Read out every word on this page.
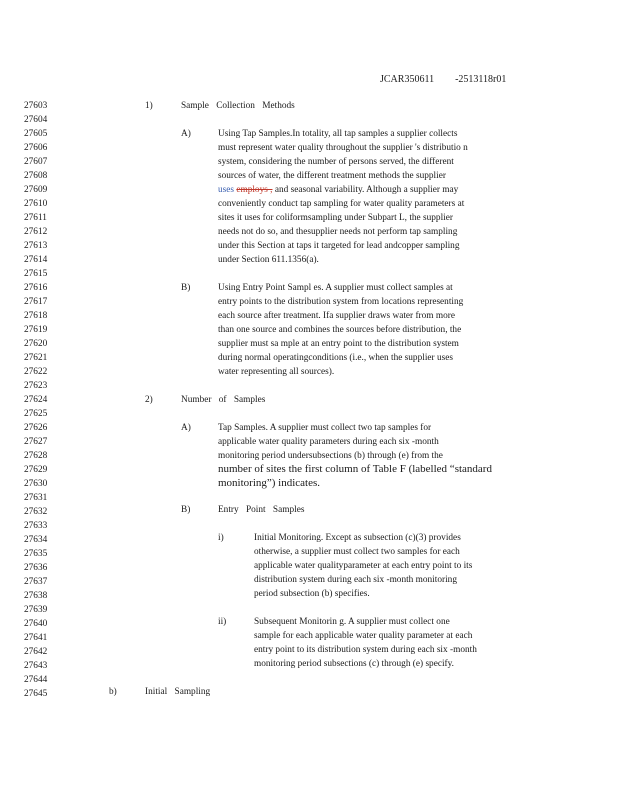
JCAR350611 -2513118r01
27603
27604
27605
27606
27607
27608
27609
27610
27611
27612
27613
27614
27615
27616
27617
27618
27619
27620
27621
27622
27623
27624
27625
27626
27627
27628
27629
27630
27631
27632
27633
27634
27635
27636
27637
27638
27639
27640
27641
27642
27643
27644
27645
1)	Sample Collection Methods
A)	Using Tap Samples.In totality, all tap samples a supplier collects
must represent water quality throughout the supplier 's distributio n
system, considering the number of persons served, the different
sources of water, the different treatment methods the supplier
uses employs , and seasonal variability. Although a supplier may
conveniently conduct tap sampling for water quality parameters at
sites it uses for coliformsampling under Subpart L, the supplier
needs not do so, and thesupplier needs not perform tap sampling
under this Section at taps it targeted for lead andcopper sampling
under Section 611.1356(a).
B)	Using Entry Point Sampl es. A supplier must collect samples at
entry points to the distribution system from locations representing
each source after treatment. Ifa supplier draws water from more
than one source and combines the sources before distribution, the
supplier must sa mple at an entry point to the distribution system
during normal operatingconditions (i.e., when the supplier uses
water representing all sources).
2)	Number of Samples
A)	Tap Samples. A supplier must collect two tap samples for
applicable water quality parameters during each six -month
monitoring period undersubsections (b) through (e) from the
number of sites the first column of Table F (labelled “standard
monitoring”) indicates.
B)	Entry Point Samples
i)	Initial Monitoring. Except as subsection (c)(3) provides
otherwise, a supplier must collect two samples for each
applicable water qualityparameter at each entry point to its
distribution system during each six -month monitoring
period subsection (b) specifies.
ii)	Subsequent Monitorin g. A supplier must collect one
sample for each applicable water quality parameter at each
entry point to its distribution system during each six -month
monitoring period subsections (c) through (e) specify.
b)	Initial Sampling
